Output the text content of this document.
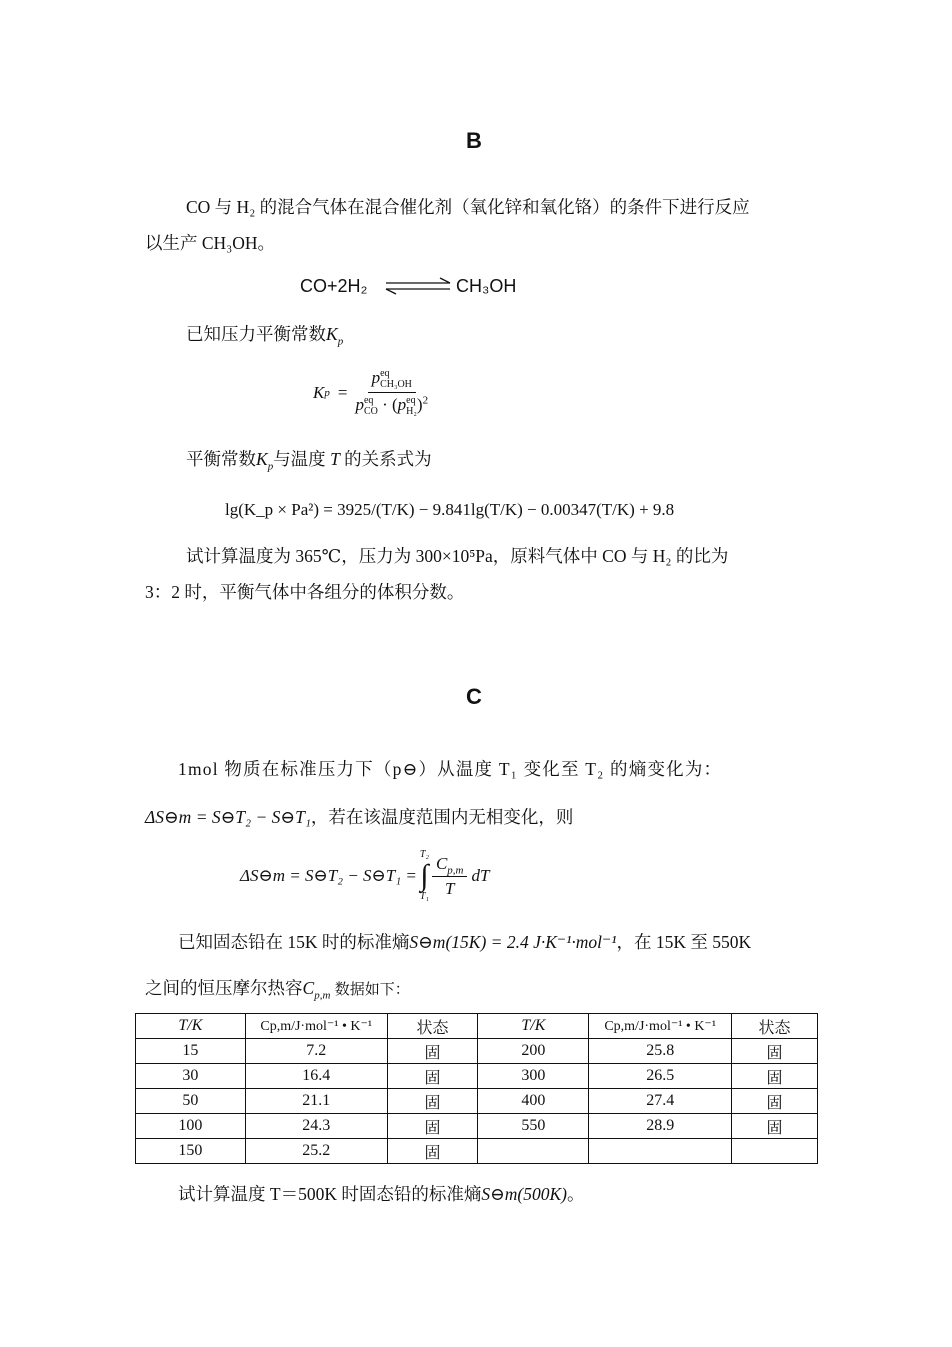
B
CO 与 H₂ 的混合气体在混合催化剂（氧化锌和氧化铬）的条件下进行反应
以生产 CH₃OH。
CO+2H₂	CH₃OH
已知压力平衡常数$K_p$
K p = p eq
CH₃OH
p eq
CO · (p eq
H₂ )$^2$
平衡常数$K_p$与温度 T 的关系式为
lg(K_p × Pa²) = 3925/(T/K) − 9.841lg(T/K) − 0.00347(T/K) + 9.8
试计算温度为 365℃，压力为 300×10⁵Pa，原料气体中 CO 与 H₂ 的比为
3：2 时，平衡气体中各组分的体积分数。
C
1mol 物质在标准压力下（p⊖）从温度 T₁ 变化至 T₂ 的熵变化为：
ΔS⊖m = S⊖T₂ − S⊖T₁，若在该温度范围内无相变化，则
ΔS⊖m = S⊖T₂ − S⊖T₁ =
T₂
∫
$T_1 \frac{C_{p,m}}{T}$ dT
已知固态铅在 15K 时的标准熵S⊖m(15K) = 2.4 J·K⁻¹·mol⁻¹，在 15K 至 550K
之间的恒压摩尔热容$C_{p,m}$ 数据如下：
T/K	Cp,m/J·mol⁻¹ • K⁻¹	状态	T/K	Cp,m/J·mol⁻¹ • K⁻¹	状态
15	7.2	固	200	25.8	固
30	16.4	固	300	26.5	固
50	21.1	固	400	27.4	固
100	24.3	固	550	28.9	固
150	25.2	固			
试计算温度 T＝500K 时固态铅的标准熵S⊖m(500K)。
